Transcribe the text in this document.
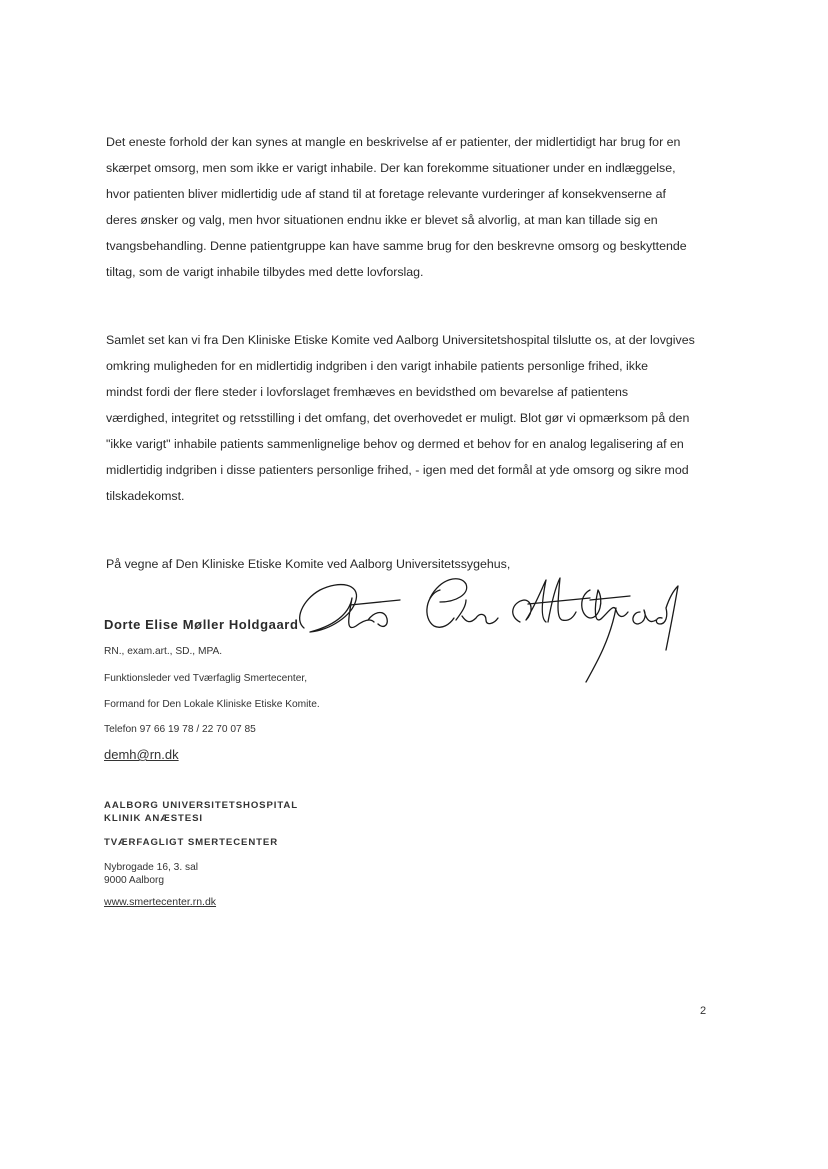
Det eneste forhold der kan synes at mangle en beskrivelse af er patienter, der midlertidigt har brug for en
skærpet omsorg, men som ikke er varigt inhabile. Der kan forekomme situationer under en indlæggelse,
hvor patienten bliver midlertidig ude af stand til at foretage relevante vurderinger af konsekvenserne af
deres ønsker og valg, men hvor situationen endnu ikke er blevet så alvorlig, at man kan tillade sig en
tvangsbehandling. Denne patientgruppe kan have samme brug for den beskrevne omsorg og beskyttende
tiltag, som de varigt inhabile tilbydes med dette lovforslag.
Samlet set kan vi fra Den Kliniske Etiske Komite ved Aalborg Universitetshospital tilslutte os, at der lovgives
omkring muligheden for en midlertidig indgriben i den varigt inhabile patients personlige frihed, ikke
mindst fordi der flere steder i lovforslaget fremhæves en bevidsthed om bevarelse af patientens
værdighed, integritet og retsstilling i det omfang, det overhovedet er muligt. Blot gør vi opmærksom på den
"ikke varigt" inhabile patients sammenlignelige behov og dermed et behov for en analog legalisering af en
midlertidig indgriben i disse patienters personlige frihed, - igen med det formål at yde omsorg og sikre mod
tilskadekomst.
På vegne af Den Kliniske Etiske Komite ved Aalborg Universitetssygehus,
Dorte Elise Møller Holdgaard
RN., exam.art., SD., MPA.
Funktionsleder ved Tværfaglig Smertecenter,
Formand for Den Lokale Kliniske Etiske Komite.
Telefon 97 66 19 78 / 22 70 07 85
demh@rn.dk
AALBORG UNIVERSITETSHOSPITAL
KLINIK ANÆSTESI
TVÆRFAGLIGT SMERTECENTER
Nybrogade 16, 3. sal
9000 Aalborg
www.smertecenter.rn.dk
2
